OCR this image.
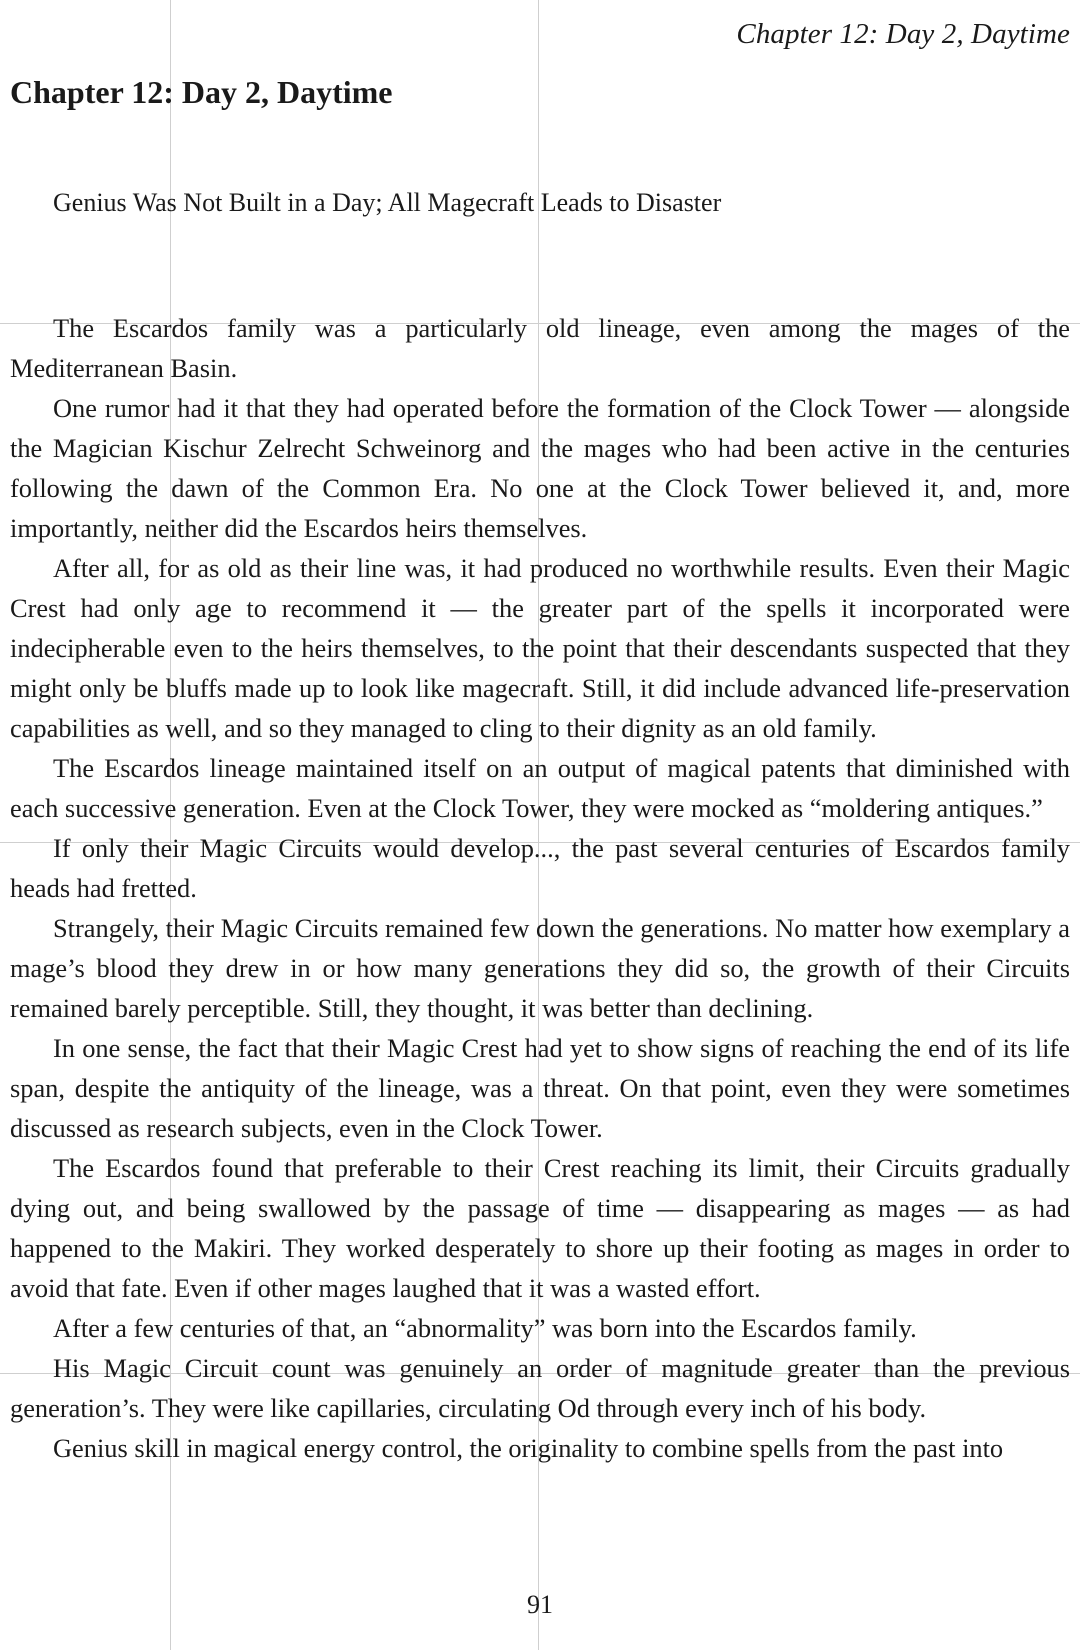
Chapter 12: Day 2, Daytime
Chapter 12: Day 2, Daytime

Genius Was Not Built in a Day; All Magecraft Leads to Disaster

The Escardos family was a particularly old lineage, even among the mages of the Mediterranean Basin.

One rumor had it that they had operated before the formation of the Clock Tower — alongside the Magician Kischur Zelrecht Schweinorg and the mages who had been active in the centuries following the dawn of the Common Era. No one at the Clock Tower believed it, and, more importantly, neither did the Escardos heirs themselves.

After all, for as old as their line was, it had produced no worthwhile results. Even their Magic Crest had only age to recommend it — the greater part of the spells it incorporated were indecipherable even to the heirs themselves, to the point that their descendants suspected that they might only be bluffs made up to look like magecraft. Still, it did include advanced life-preservation capabilities as well, and so they managed to cling to their dignity as an old family.

The Escardos lineage maintained itself on an output of magical patents that diminished with each successive generation. Even at the Clock Tower, they were mocked as “moldering antiques.”

If only their Magic Circuits would develop..., the past several centuries of Escardos family heads had fretted.

Strangely, their Magic Circuits remained few down the generations. No matter how exemplary a mage’s blood they drew in or how many generations they did so, the growth of their Circuits remained barely perceptible. Still, they thought, it was better than declining.

In one sense, the fact that their Magic Crest had yet to show signs of reaching the end of its life span, despite the antiquity of the lineage, was a threat. On that point, even they were sometimes discussed as research subjects, even in the Clock Tower.

The Escardos found that preferable to their Crest reaching its limit, their Circuits gradually dying out, and being swallowed by the passage of time — disappearing as mages — as had happened to the Makiri. They worked desperately to shore up their footing as mages in order to avoid that fate. Even if other mages laughed that it was a wasted effort.

After a few centuries of that, an “abnormality” was born into the Escardos family.

His Magic Circuit count was genuinely an order of magnitude greater than the previous generation’s. They were like capillaries, circulating Od through every inch of his body.

Genius skill in magical energy control, the originality to combine spells from the past into

91
